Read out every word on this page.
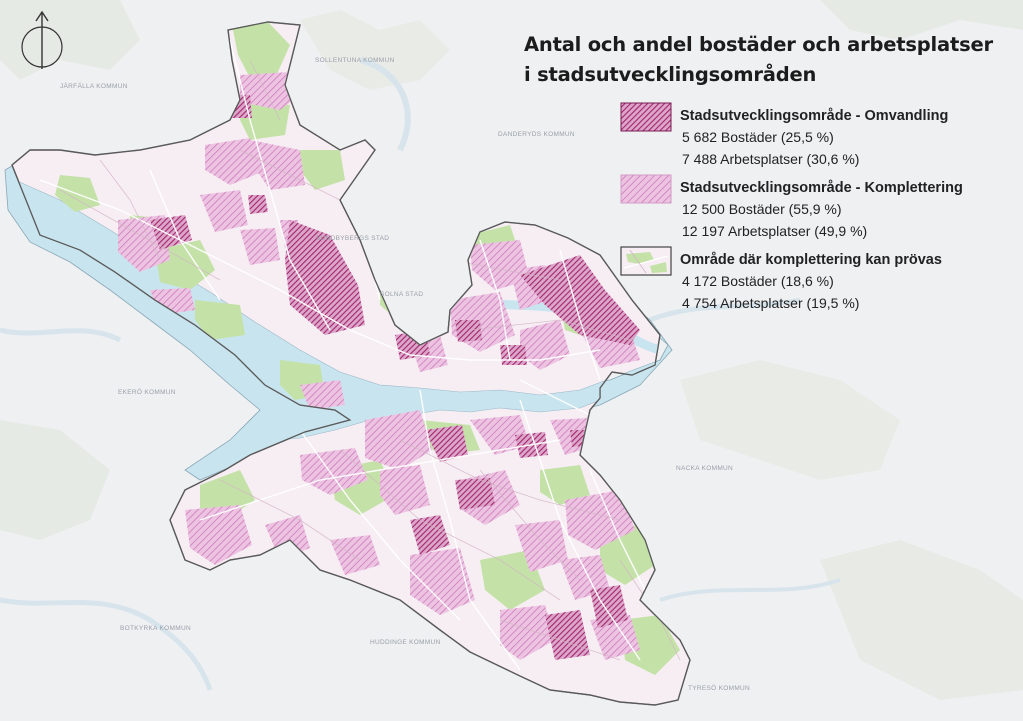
JÄRFÄLLA KOMMUN
SOLLENTUNA KOMMUN
DANDERYDS KOMMUN
SUNDBYBERGS STAD
SOLNA STAD
EKERÖ KOMMUN
NACKA KOMMUN
HUDDINGE KOMMUN
BOTKYRKA KOMMUN
TYRESÖ KOMMUN
Antal och andel bostäder och arbetsplatser
i stadsutvecklingsområden
Stadsutvecklingsområde - Omvandling
5 682 Bostäder (25,5 %)
7 488 Arbetsplatser (30,6 %)
Stadsutvecklingsområde - Komplettering
12 500 Bostäder (55,9 %)
12 197 Arbetsplatser (49,9 %)
Område där komplettering kan prövas
4 172 Bostäder (18,6 %)
4 754 Arbetsplatser (19,5 %)
